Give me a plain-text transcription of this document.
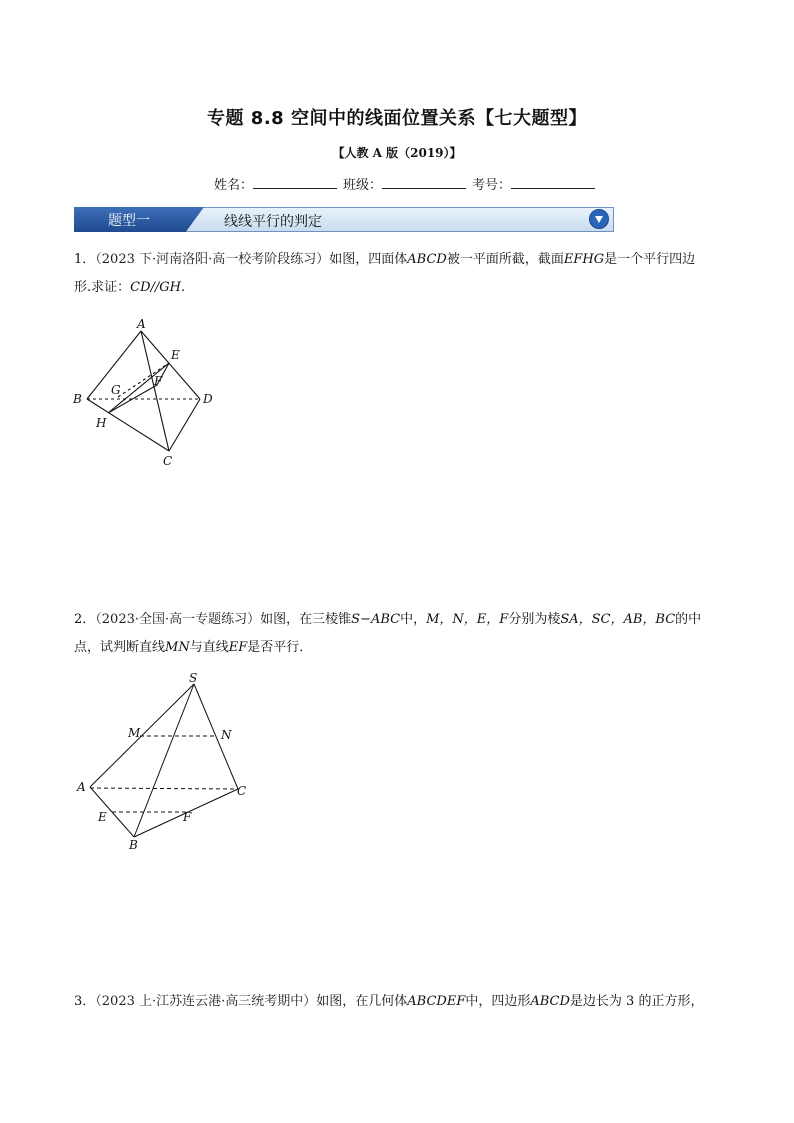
专题 8.8 空间中的线面位置关系【七大题型】
【人教 A 版（2019）】
姓名：	班级：	考号：
题型一	线线平行的判定
1．（2023 下·河南洛阳·高一校考阶段练习）如图，四面体ABCD被一平面所截，截面EFHG是一个平行四边
形.求证：CD//GH.
A
B
C
D
E
F
G
H
S
M	N
A	C
E	F
B
2．（2023·全国·高一专题练习）如图，在三棱锥S−ABC中，M，N，E，F分别为棱SA，SC，AB，BC的中
点，试判断直线MN与直线EF是否平行．
3．（2023 上·江苏连云港·高三统考期中）如图，在几何体ABCDEF中，四边形ABCD是边长为 3 的正方形，
